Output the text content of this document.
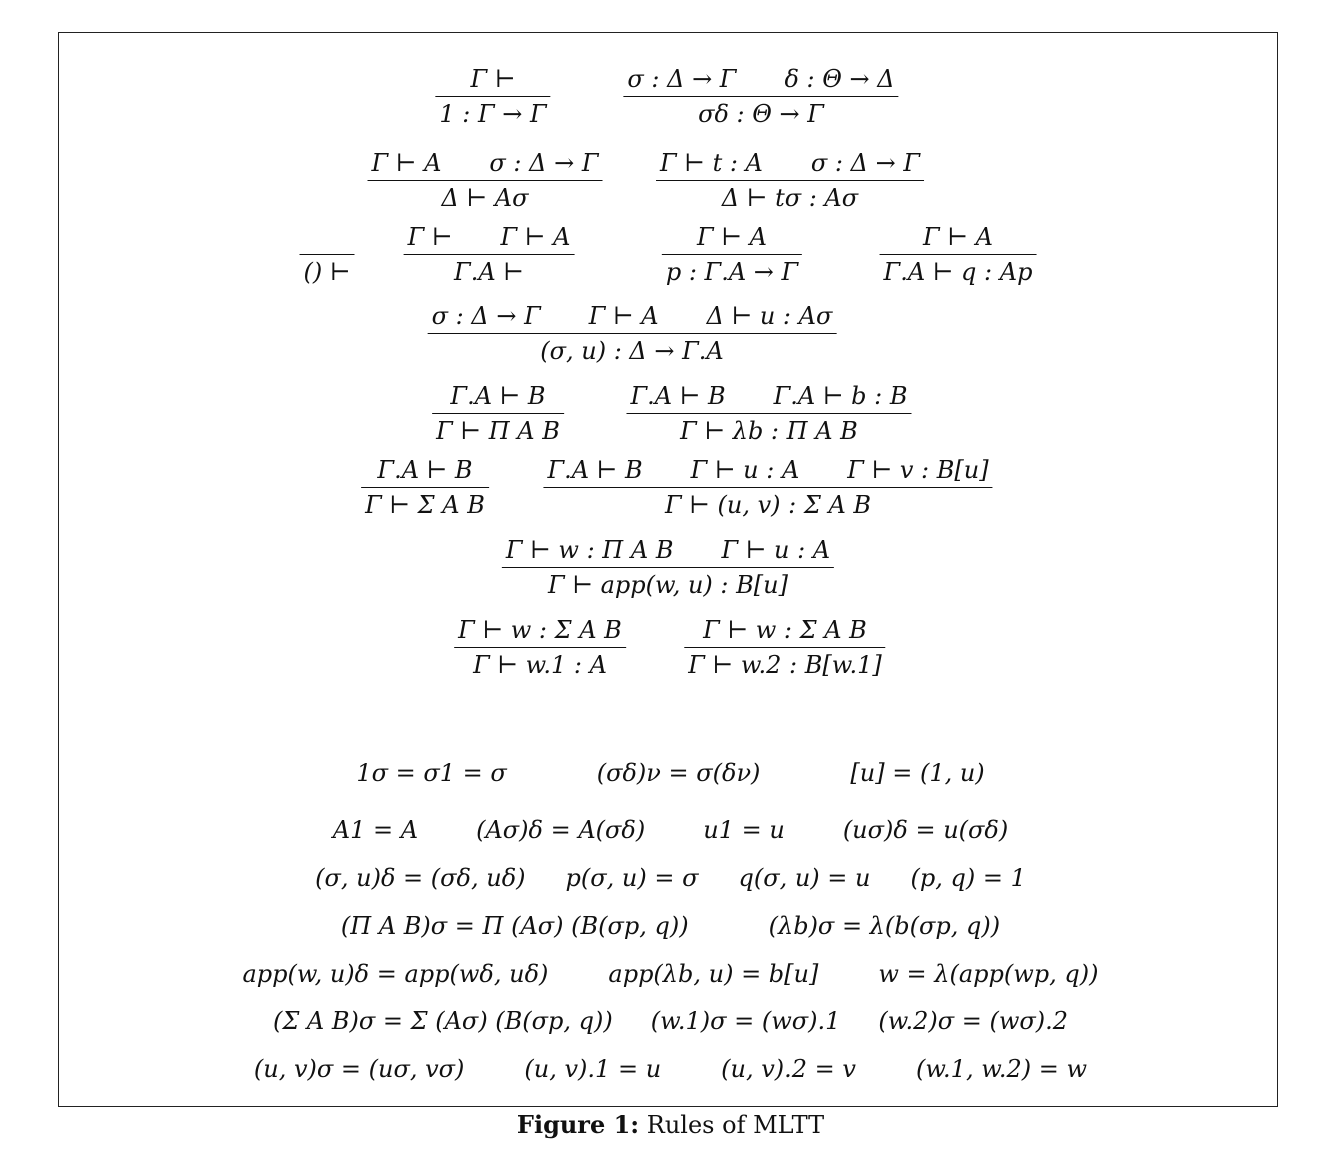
Γ ⊢
1 : Γ → Γ
σ : Δ → Γ δ : Θ → Δ
σδ : Θ → Γ
Γ ⊢ A σ : Δ → Γ
Δ ⊢ Aσ
Γ ⊢ t : A σ : Δ → Γ
Δ ⊢ tσ : Aσ
() ⊢
Γ ⊢ Γ ⊢ A
Γ.A ⊢
Γ ⊢ A
p : Γ.A → Γ
Γ ⊢ A
Γ.A ⊢ q : Ap
σ : Δ → Γ Γ ⊢ A Δ ⊢ u : Aσ
(σ, u) : Δ → Γ.A
Γ.A ⊢ B
Γ ⊢ Π A B
Γ.A ⊢ B Γ.A ⊢ b : B
Γ ⊢ λb : Π A B
Γ.A ⊢ B
Γ ⊢ Σ A B
Γ.A ⊢ B Γ ⊢ u : A Γ ⊢ v : B[u]
Γ ⊢ (u, v) : Σ A B
Γ ⊢ w : Π A B Γ ⊢ u : A
Γ ⊢ app(w, u) : B[u]
Γ ⊢ w : Σ A B
Γ ⊢ w.1 : A
Γ ⊢ w : Σ A B
Γ ⊢ w.2 : B[w.1]
1σ = σ1 = σ	(σδ)ν = σ(δν)	[u] = (1, u)
A1 = A (Aσ)δ = A(σδ) u1 = u (uσ)δ = u(σδ)
(σ, u)δ = (σδ, uδ) p(σ, u) = σ q(σ, u) = u (p, q) = 1
(Π A B)σ = Π (Aσ) (B(σp, q))	(λb)σ = λ(b(σp, q))
app(w, u)δ = app(wδ, uδ)	app(λb, u) = b[u]	w = λ(app(wp, q))
(Σ A B)σ = Σ (Aσ) (B(σp, q)) (w.1)σ = (wσ).1 (w.2)σ = (wσ).2
(u, v)σ = (uσ, vσ)	(u, v).1 = u	(u, v).2 = v	(w.1, w.2) = w
Figure 1: Rules of MLTT
